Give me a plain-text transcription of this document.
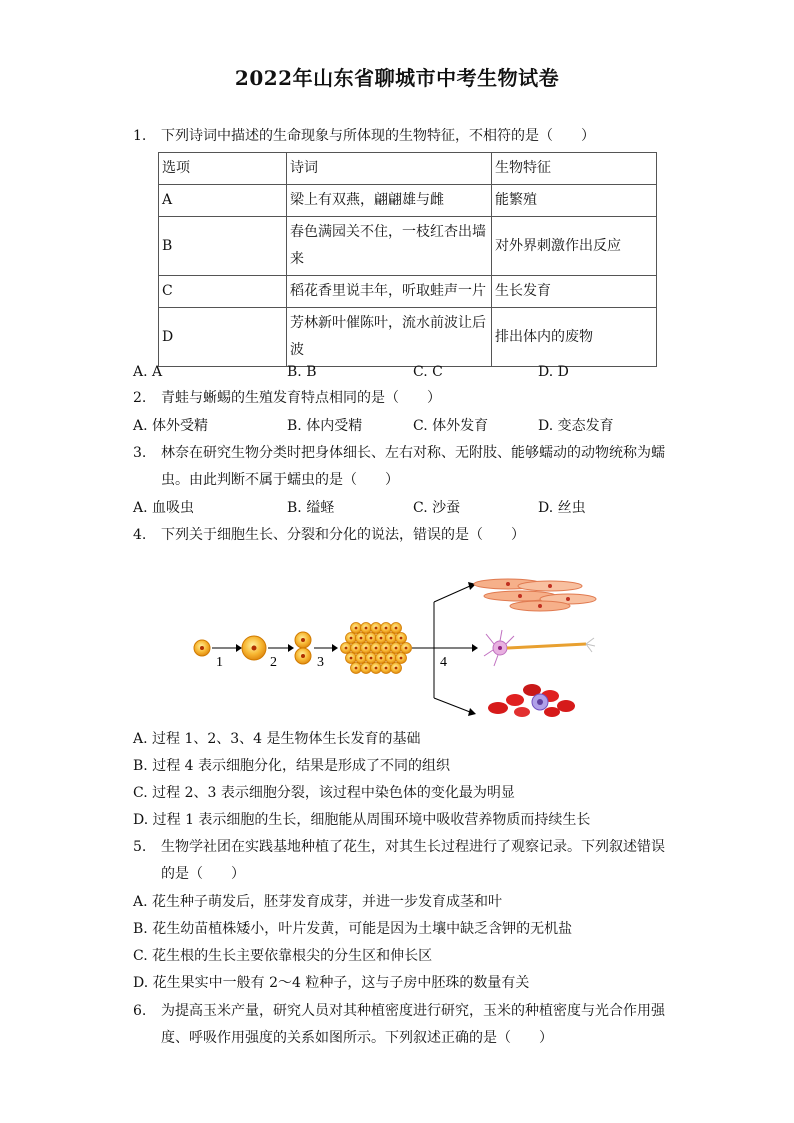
2022年山东省聊城市中考生物试卷
1.	下列诗词中描述的生命现象与所体现的生物特征，不相符的是（　　）
选项	诗词	生物特征
A	梁上有双燕，翩翩雄与雌	能繁殖
B	春色满园关不住，一枝红杏出墙来	对外界刺激作出反应
C	稻花香里说丰年，听取蛙声一片	生长发育
D	芳林新叶催陈叶，流水前波让后波	排出体内的废物
A. A	B. B	C. C	D. D
2.	青蛙与蜥蜴的生殖发育特点相同的是（　　）
A. 体外受精	B. 体内受精	C. 体外发育	D. 变态发育
3.	林奈在研究生物分类时把身体细长、左右对称、无附肢、能够蠕动的动物统称为蠕
虫。由此判断不属于蠕虫的是（　　）
A. 血吸虫	B. 缢蛏	C. 沙蚕	D. 丝虫
4.	下列关于细胞生长、分裂和分化的说法，错误的是（　　）
1	2	3	4
A. 过程 1、2、3、4 是生物体生长发育的基础
B. 过程 4 表示细胞分化，结果是形成了不同的组织
C. 过程 2、3 表示细胞分裂，该过程中染色体的变化最为明显
D. 过程 1 表示细胞的生长，细胞能从周围环境中吸收营养物质而持续生长
5.	生物学社团在实践基地种植了花生，对其生长过程进行了观察记录。下列叙述错误
的是（　　）
A. 花生种子萌发后，胚芽发育成芽，并进一步发育成茎和叶
B. 花生幼苗植株矮小，叶片发黄，可能是因为土壤中缺乏含钾的无机盐
C. 花生根的生长主要依靠根尖的分生区和伸长区
D. 花生果实中一般有 2～4 粒种子，这与子房中胚珠的数量有关
6.	为提高玉米产量，研究人员对其种植密度进行研究，玉米的种植密度与光合作用强
度、呼吸作用强度的关系如图所示。下列叙述正确的是（　　）
